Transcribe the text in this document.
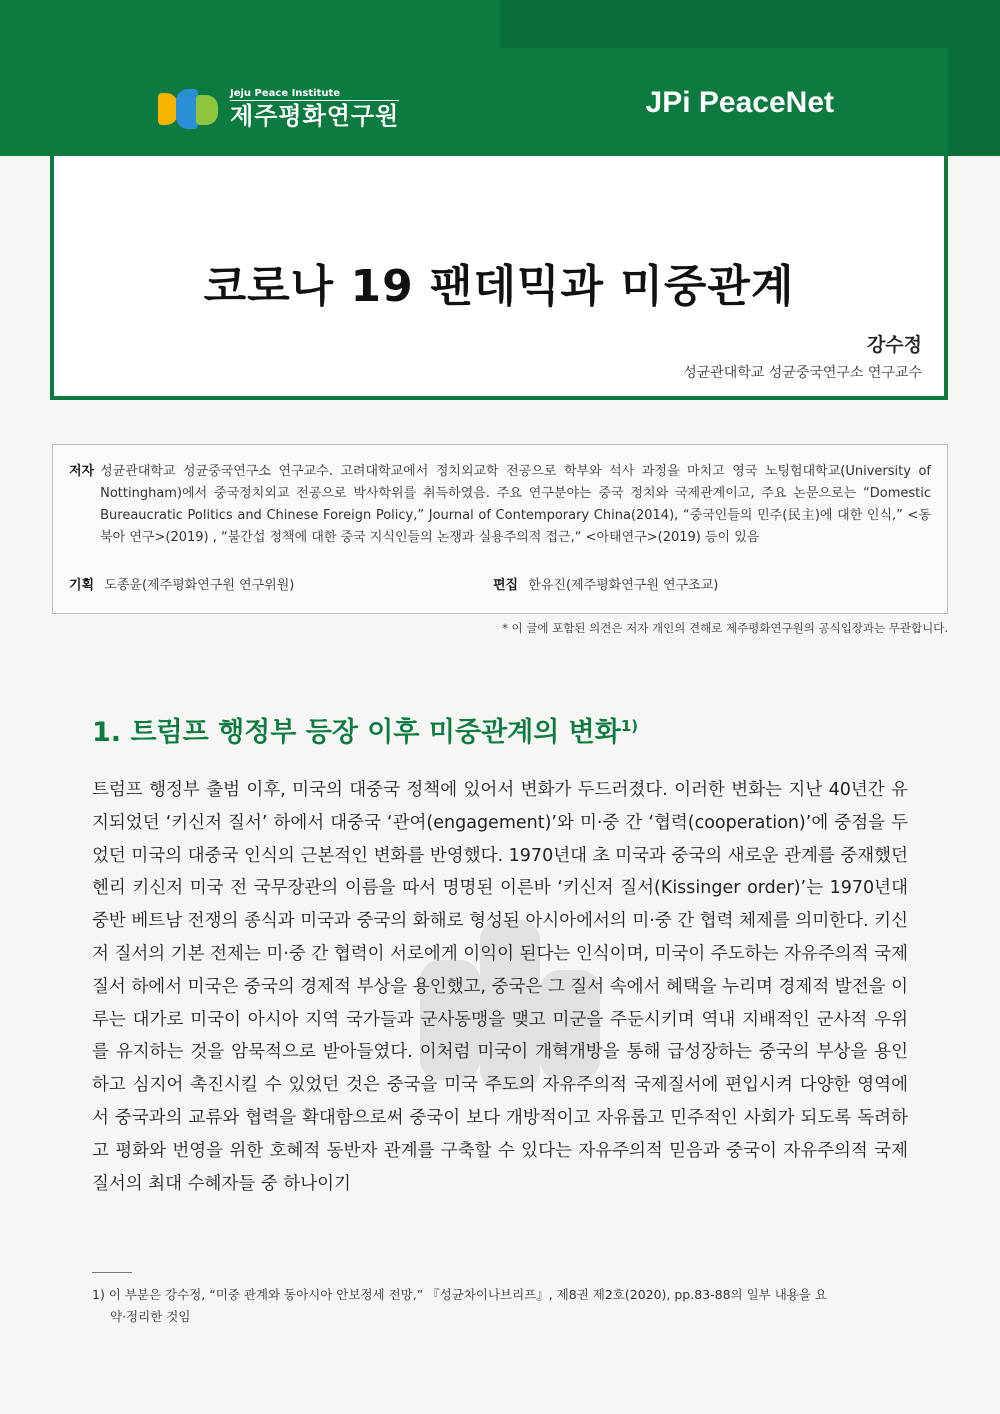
Jeju Peace Institute
제주평화연구원	JPi PeaceNet
코로나 19 팬데믹과 미중관계
강수정
성균관대학교 성균중국연구소 연구교수
저자 성균관대학교 성균중국연구소 연구교수. 고려대학교에서 정치외교학 전공으로 학부와 석사 과정을 마치고 영국 노팅험대학교(University of Nottingham)에서 중국정치외교 전공으로 박사학위를 취득하였음. 주요 연구분야는 중국 정치와 국제관계이고, 주요 논문으로는 “Domestic Bureaucratic Politics and Chinese Foreign Policy,” Journal of Contemporary China(2014), “중국인들의 민주(民主)에 대한 인식,” <동북아 연구>(2019) , “불간섭 정책에 대한 중국 지식인들의 논쟁과 실용주의적 접근,“ <아태연구>(2019) 등이 있음
기획 도종윤(제주평화연구원 연구위원)	편집 한유진(제주평화연구원 연구조교)
* 이 글에 포함된 의견은 저자 개인의 견해로 제주평화연구원의 공식입장과는 무관합니다.
1. 트럼프 행정부 등장 이후 미중관계의 변화$^{1)}$
트럼프 행정부 출범 이후, 미국의 대중국 정책에 있어서 변화가 두드러졌다. 이러한 변화는 지난 40년간 유지되었던 ‘키신저 질서’ 하에서 대중국 ‘관여(engagement)’와 미·중 간 ‘협력(cooperation)’에 중점을 두었던 미국의 대중국 인식의 근본적인 변화를 반영했다. 1970년대 초 미국과 중국의 새로운 관계를 중재했던 헨리 키신저 미국 전 국무장관의 이름을 따서 명명된 이른바 ‘키신저 질서(Kissinger order)’는 1970년대 중반 베트남 전쟁의 종식과 미국과 중국의 화해로 형성된 아시아에서의 미·중 간 협력 체제를 의미한다. 키신저 질서의 기본 전제는 미·중 간 협력이 서로에게 이익이 된다는 인식이며, 미국이 주도하는 자유주의적 국제질서 하에서 미국은 중국의 경제적 부상을 용인했고, 중국은 그 질서 속에서 혜택을 누리며 경제적 발전을 이루는 대가로 미국이 아시아 지역 국가들과 군사동맹을 맺고 미군을 주둔시키며 역내 지배적인 군사적 우위를 유지하는 것을 암묵적으로 받아들였다. 이처럼 미국이 개혁개방을 통해 급성장하는 중국의 부상을 용인하고 심지어 촉진시킬 수 있었던 것은 중국을 미국 주도의 자유주의적 국제질서에 편입시켜 다양한 영역에서 중국과의 교류와 협력을 확대함으로써 중국이 보다 개방적이고 자유롭고 민주적인 사회가 되도록 독려하고 평화와 번영을 위한 호혜적 동반자 관계를 구축할 수 있다는 자유주의적 믿음과 중국이 자유주의적 국제질서의 최대 수혜자들 중 하나이기
1) 이 부분은 강수정, “미중 관계와 동아시아 안보정세 전망,” 『성균차이나브리프』, 제8권 제2호(2020), pp.83-88의 일부 내용을 요
약·정리한 것임
